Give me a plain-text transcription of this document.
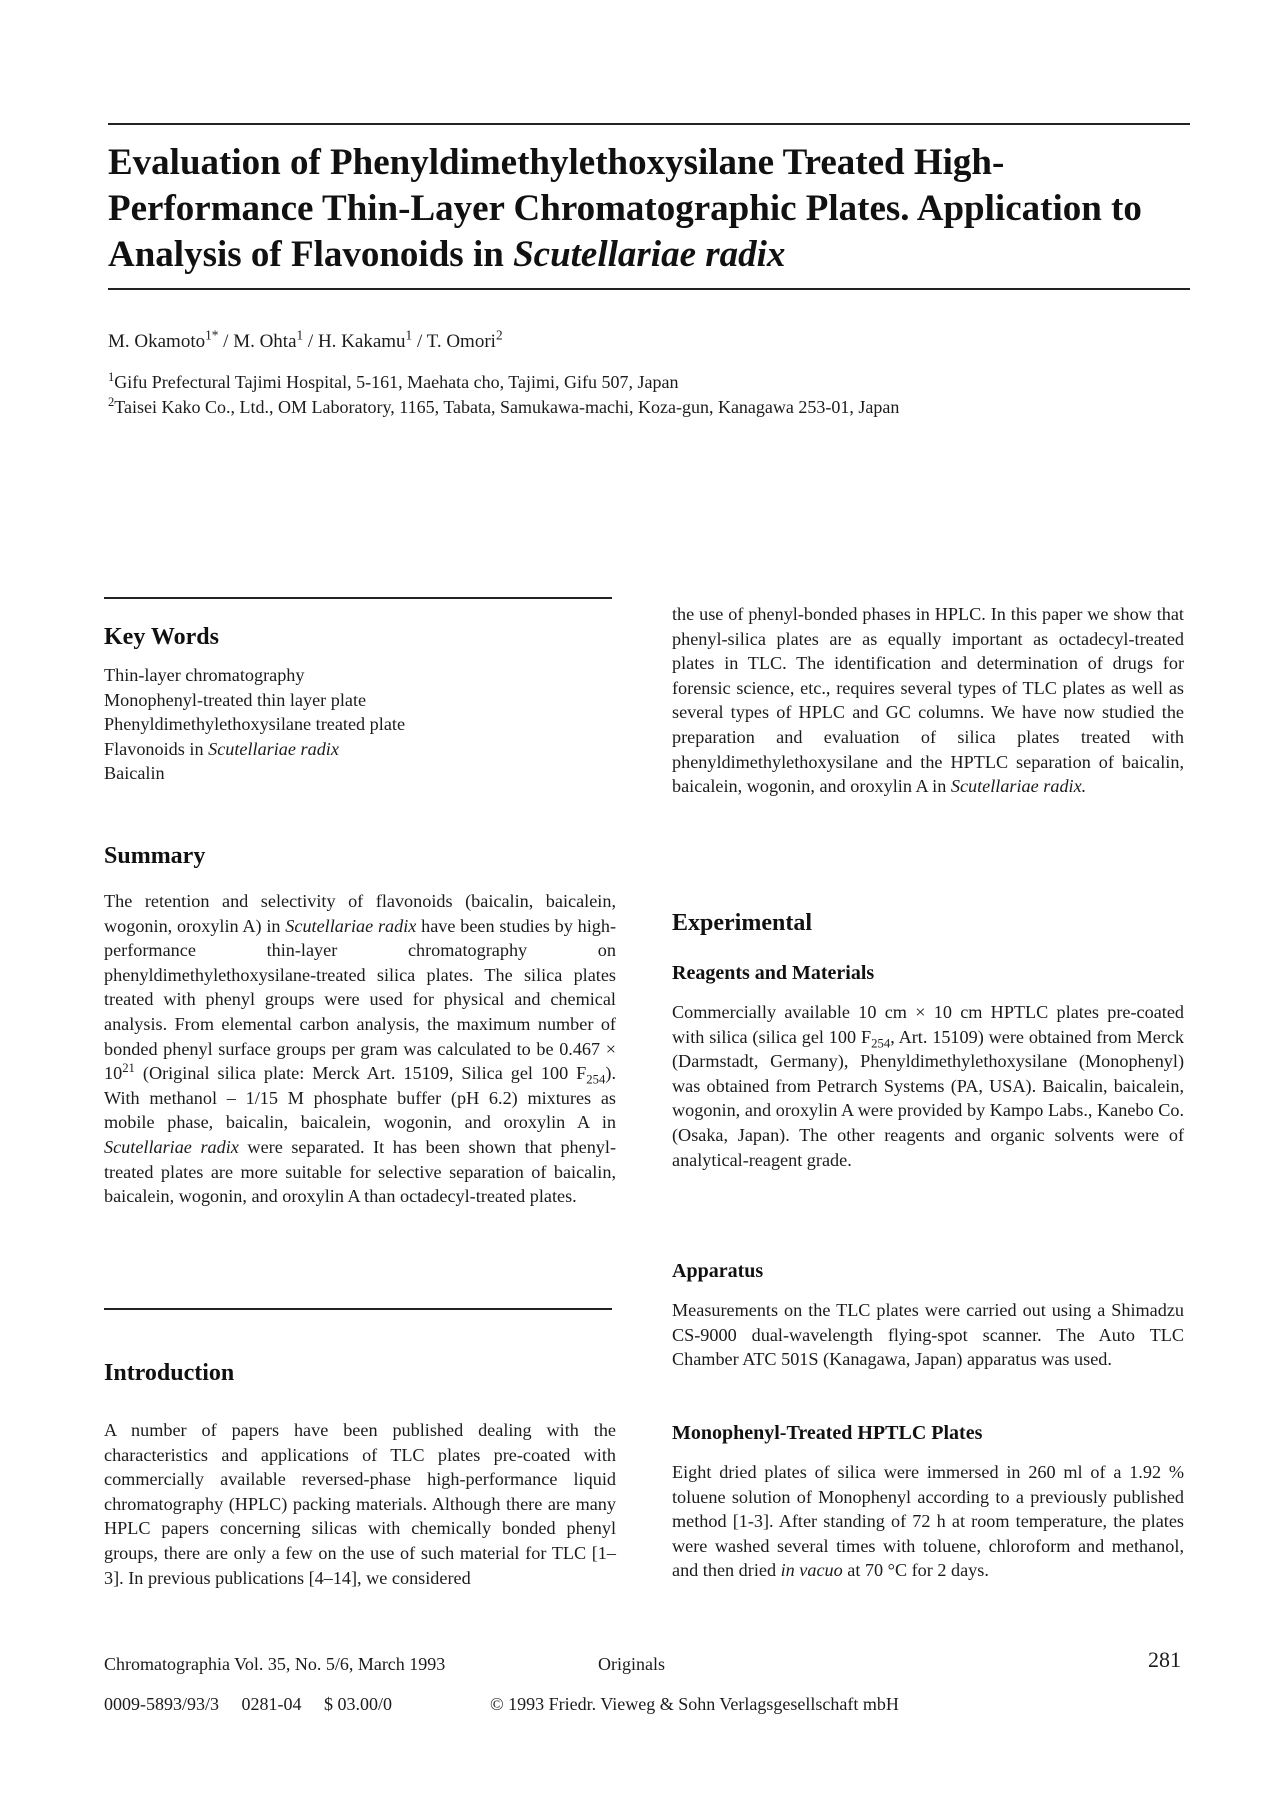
Evaluation of Phenyldimethylethoxysilane Treated High-Performance Thin-Layer Chromatographic Plates. Application to Analysis of Flavonoids in Scutellariae radix
M. Okamoto$^{1*}$ / M. Ohta$^1$ / H. Kakamu$^1$ / T. Omori$^2$
$^1$Gifu Prefectural Tajimi Hospital, 5-161, Maehata cho, Tajimi, Gifu 507, Japan
$^2$Taisei Kako Co., Ltd., OM Laboratory, 1165, Tabata, Samukawa-machi, Koza-gun, Kanagawa 253-01, Japan
Key Words
Thin-layer chromatography
Monophenyl-treated thin layer plate
Phenyldimethylethoxysilane treated plate
Flavonoids in Scutellariae radix
Baicalin
Summary

The retention and selectivity of flavonoids (baicalin, baicalein, wogonin, oroxylin A) in Scutellariae radix have been studies by high-performance thin-layer chromatography on phenyldimethylethoxysilane-treated silica plates. The silica plates treated with phenyl groups were used for physical and chemical analysis. From elemental carbon analysis, the maximum number of bonded phenyl surface groups per gram was calculated to be $0.467 \times 10^{21}$ (Original silica plate: Merck Art. 15109, Silica gel 100 $F_{254}$). With methanol – 1/15 M phosphate buffer (pH 6.2) mixtures as mobile phase, baicalin, baicalein, wogonin, and oroxylin A in Scutellariae radix were separated. It has been shown that phenyl-treated plates are more suitable for selective separation of baicalin, baicalein, wogonin, and oroxylin A than octadecyl-treated plates.

Introduction

A number of papers have been published dealing with the characteristics and applications of TLC plates pre-coated with commercially available reversed-phase high-performance liquid chromatography (HPLC) packing materials. Although there are many HPLC papers concerning silicas with chemically bonded phenyl groups, there are only a few on the use of such material for TLC [1–3]. In previous publications [4–14], we considered

the use of phenyl-bonded phases in HPLC. In this paper we show that phenyl-silica plates are as equally important as octadecyl-treated plates in TLC. The identification and determination of drugs for forensic science, etc., requires several types of TLC plates as well as several types of HPLC and GC columns. We have now studied the preparation and evaluation of silica plates treated with phenyldimethylethoxysilane and the HPTLC separation of baicalin, baicalein, wogonin, and oroxylin A in Scutellariae radix.

Experimental
Reagents and Materials

Commercially available 10 cm × 10 cm HPTLC plates pre-coated with silica (silica gel 100 $F_{254}$, Art. 15109) were obtained from Merck (Darmstadt, Germany), Phenyldimethylethoxysilane (Monophenyl) was obtained from Petrarch Systems (PA, USA). Baicalin, baicalein, wogonin, and oroxylin A were provided by Kampo Labs., Kanebo Co. (Osaka, Japan). The other reagents and organic solvents were of analytical-reagent grade.

Apparatus

Measurements on the TLC plates were carried out using a Shimadzu CS-9000 dual-wavelength flying-spot scanner. The Auto TLC Chamber ATC 501S (Kanagawa, Japan) apparatus was used.

Monophenyl-Treated HPTLC Plates

Eight dried plates of silica were immersed in 260 ml of a 1.92 % toluene solution of Monophenyl according to a previously published method [1-3]. After standing of 72 h at room temperature, the plates were washed several times with toluene, chloroform and methanol, and then dried in vacuo at 70 °C for 2 days.

Chromatographia Vol. 35, No. 5/6, March 1993	Originals	281
0009-5893/93/3     0281-04     $ 03.00/0	© 1993 Friedr. Vieweg & Sohn Verlagsgesellschaft mbH
